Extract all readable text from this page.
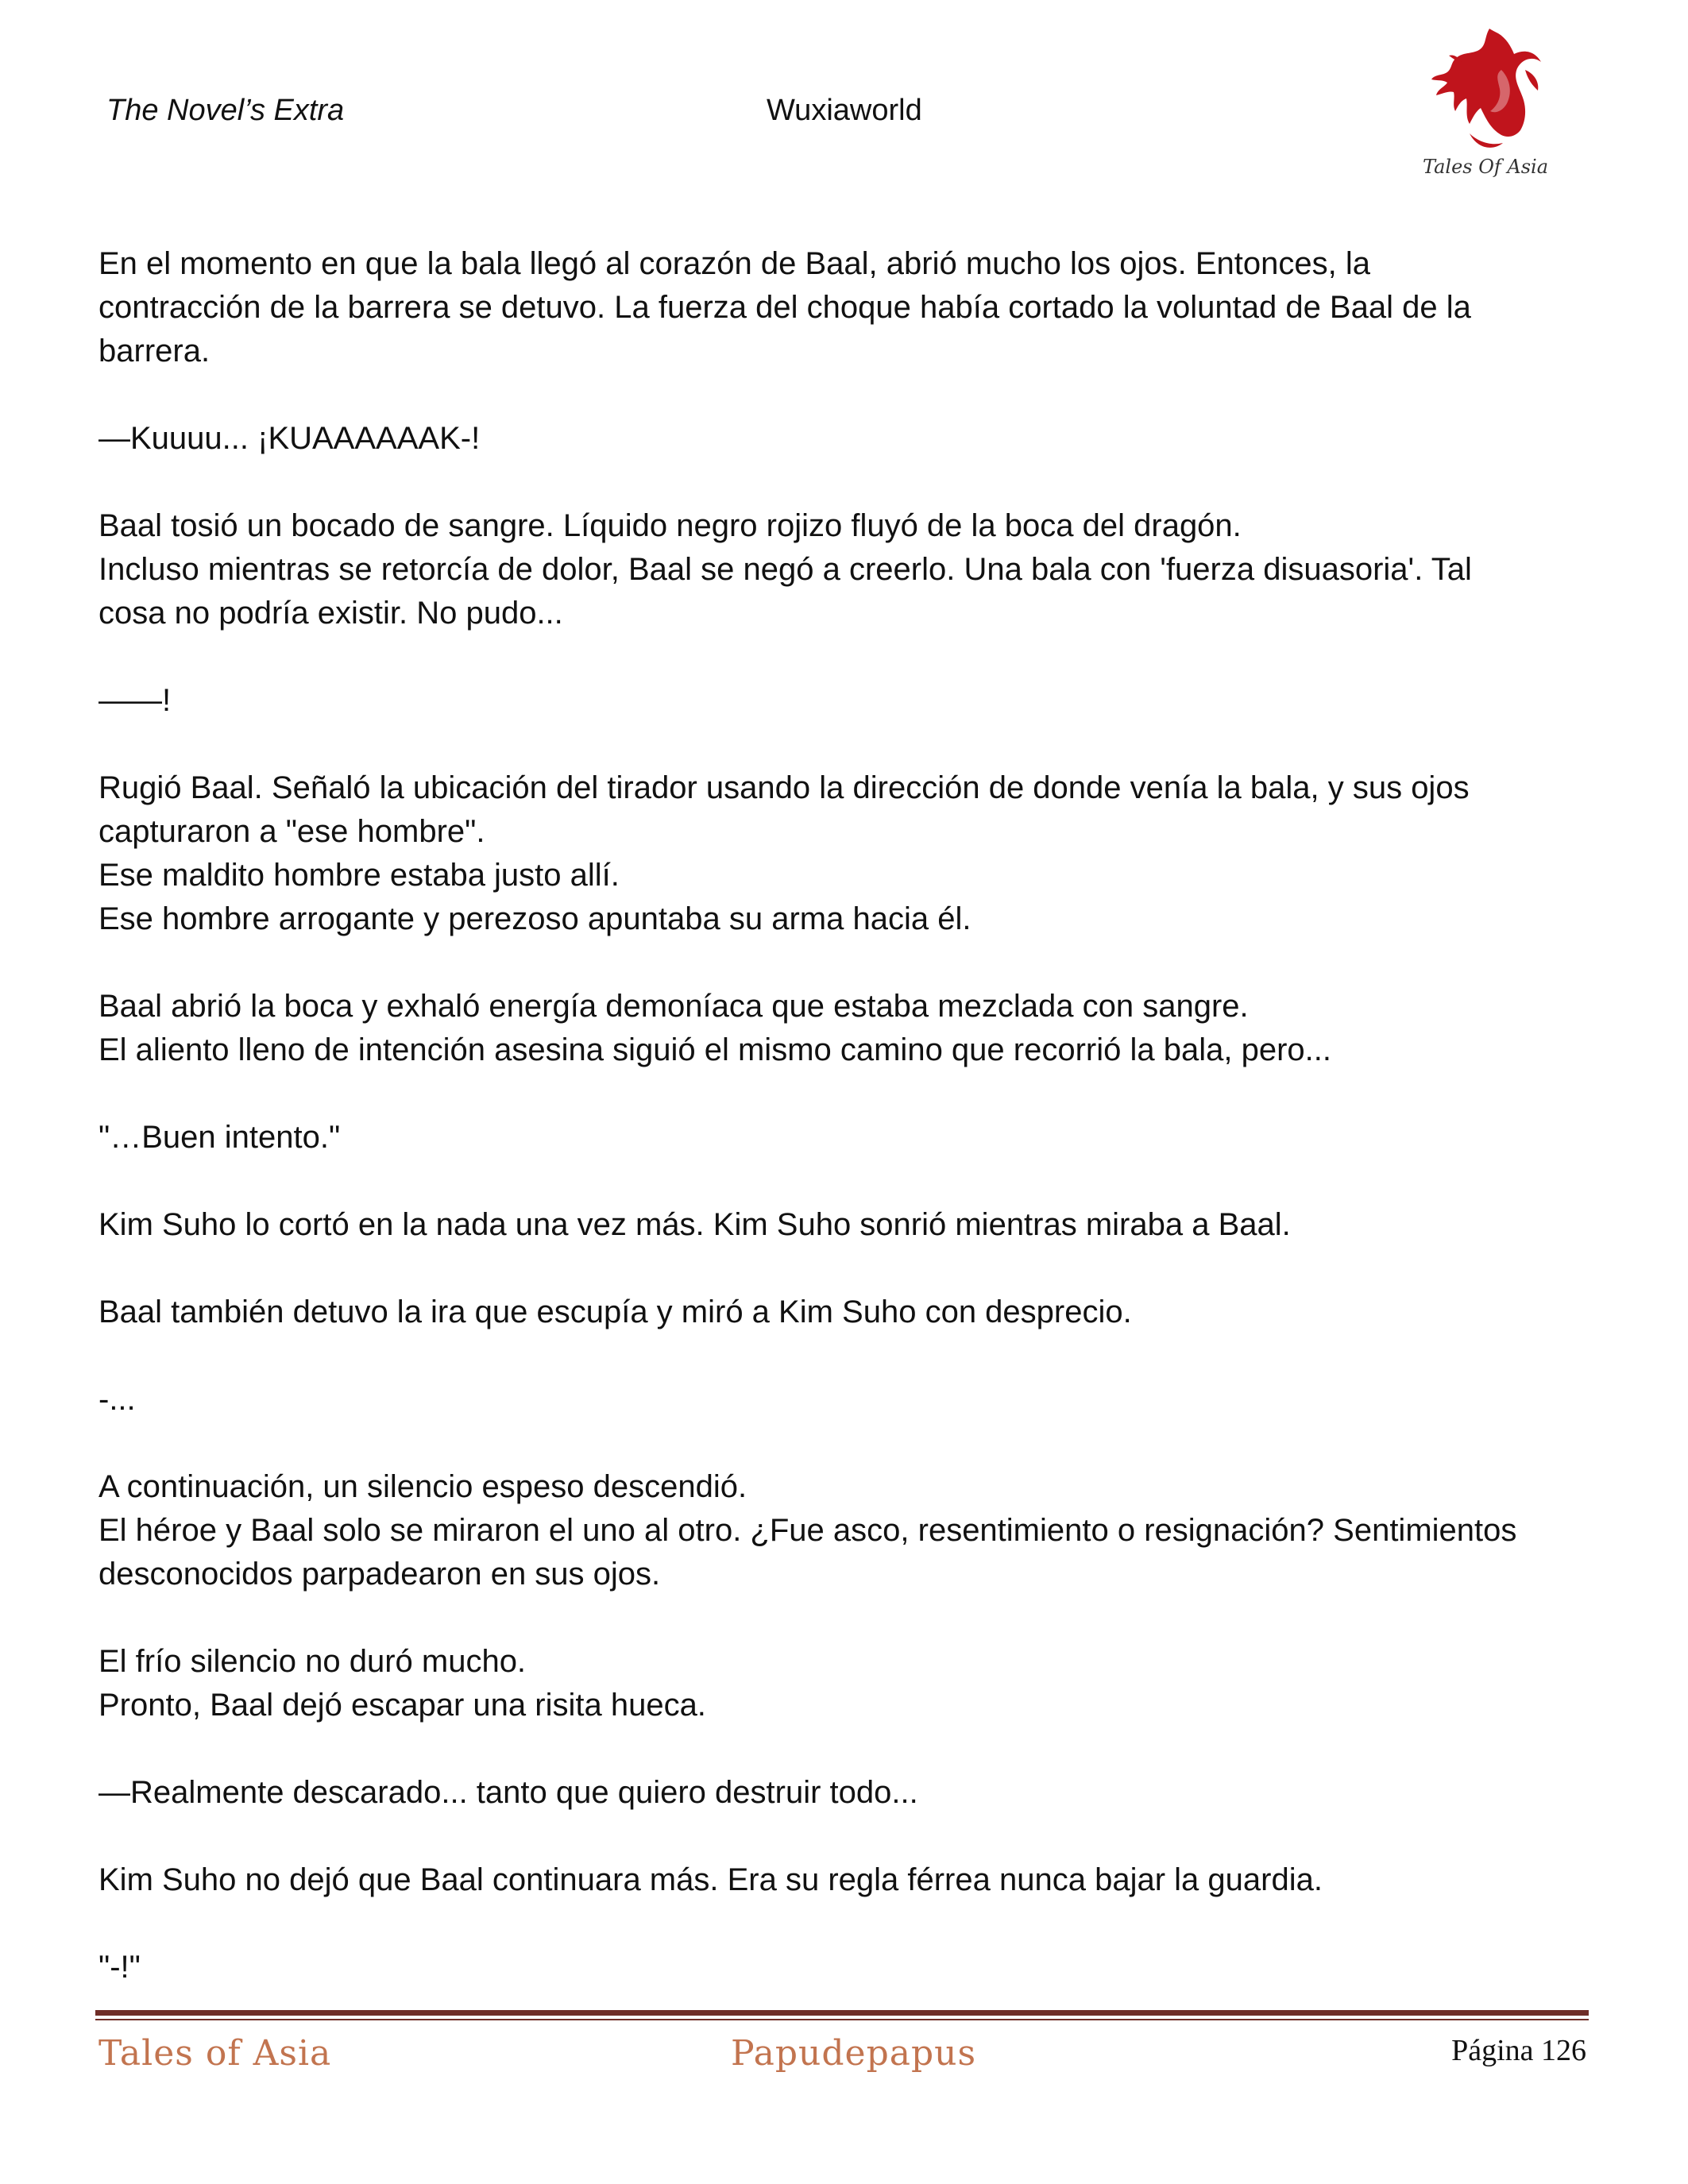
The Novel’s Extra	Wuxiaworld
Tales Of Asia
En el momento en que la bala llegó al corazón de Baal, abrió mucho los ojos. Entonces, la
contracción de la barrera se detuvo. La fuerza del choque había cortado la voluntad de Baal de la
barrera.
—Kuuuu... ¡KUAAAAAAK-!
Baal tosió un bocado de sangre. Líquido negro rojizo fluyó de la boca del dragón.
Incluso mientras se retorcía de dolor, Baal se negó a creerlo. Una bala con 'fuerza disuasoria'. Tal
cosa no podría existir. No pudo...
——!
Rugió Baal. Señaló la ubicación del tirador usando la dirección de donde venía la bala, y sus ojos
capturaron a "ese hombre".
Ese maldito hombre estaba justo allí.
Ese hombre arrogante y perezoso apuntaba su arma hacia él.
Baal abrió la boca y exhaló energía demoníaca que estaba mezclada con sangre.
El aliento lleno de intención asesina siguió el mismo camino que recorrió la bala, pero...
"…Buen intento."
Kim Suho lo cortó en la nada una vez más. Kim Suho sonrió mientras miraba a Baal.
Baal también detuvo la ira que escupía y miró a Kim Suho con desprecio.
-...
A continuación, un silencio espeso descendió.
El héroe y Baal solo se miraron el uno al otro. ¿Fue asco, resentimiento o resignación? Sentimientos
desconocidos parpadearon en sus ojos.
El frío silencio no duró mucho.
Pronto, Baal dejó escapar una risita hueca.
—Realmente descarado... tanto que quiero destruir todo...
Kim Suho no dejó que Baal continuara más. Era su regla férrea nunca bajar la guardia.
"-!"
Tales of Asia	Papudepapus	Página 126
